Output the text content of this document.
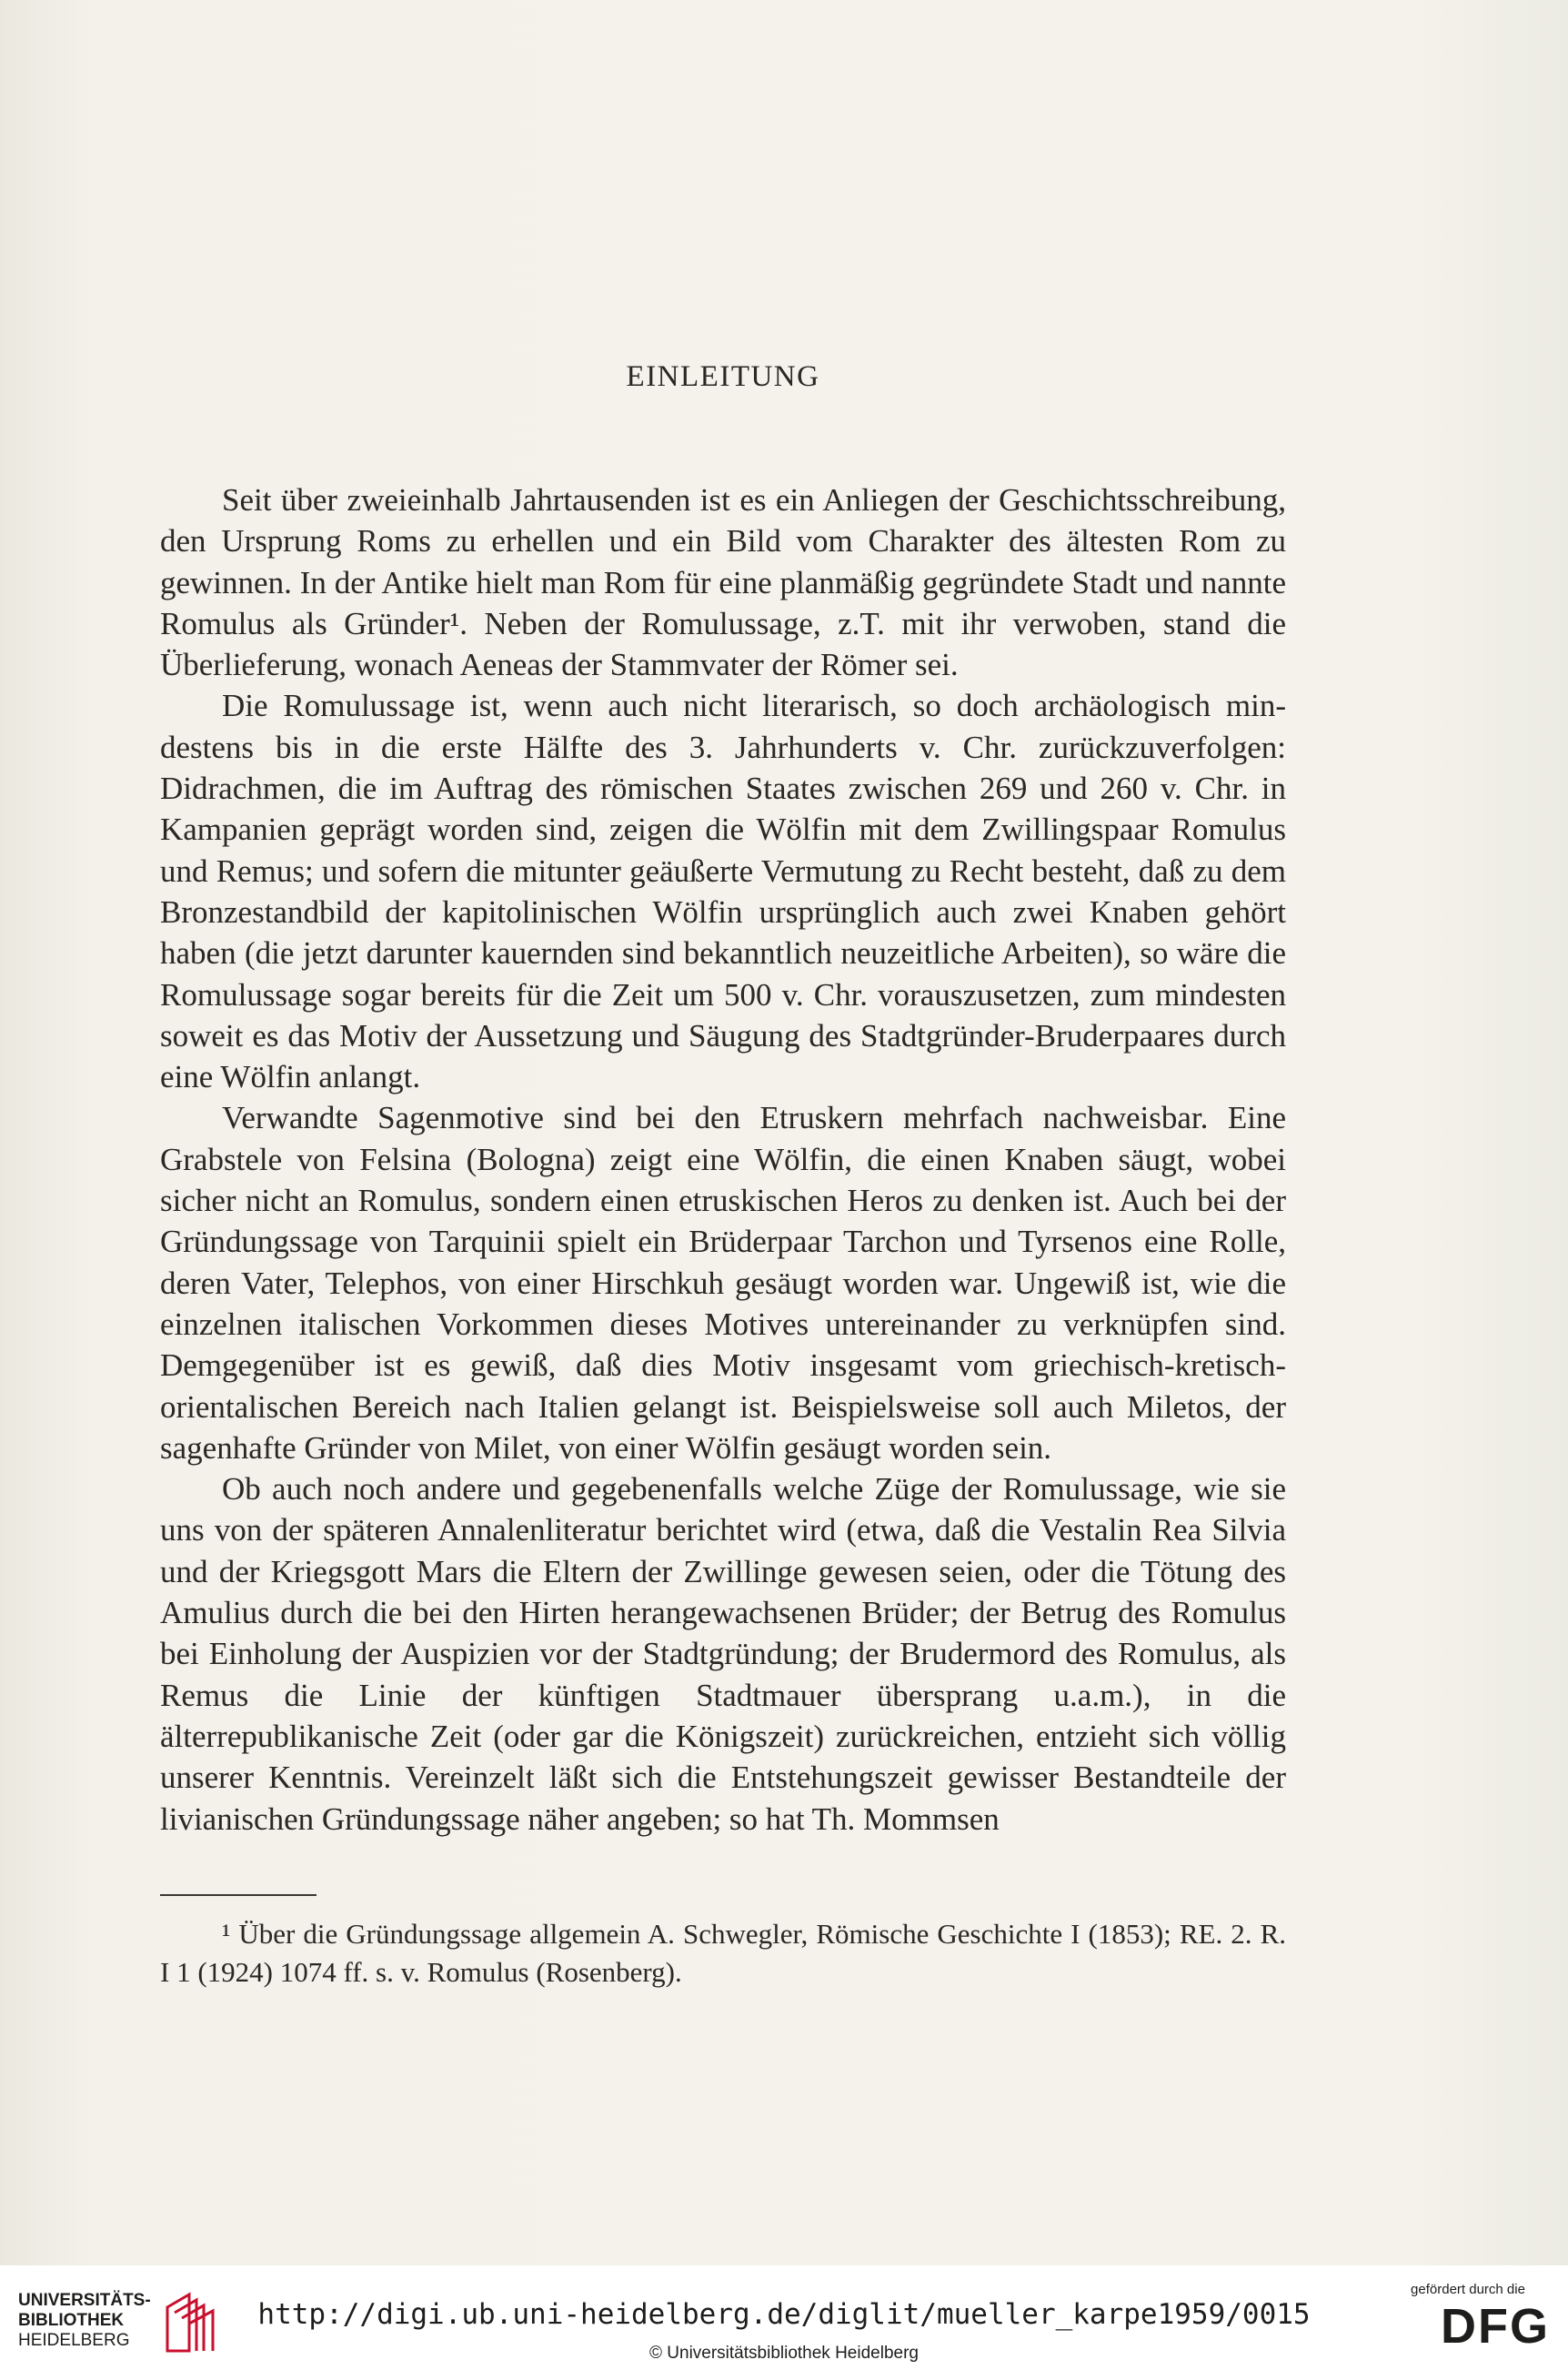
EINLEITUNG

Seit über zweieinhalb Jahrtausenden ist es ein Anliegen der Geschichtsschreibung, den Ursprung Roms zu erhellen und ein Bild vom Charakter des ältesten Rom zu gewinnen. In der Antike hielt man Rom für eine planmäßig gegründete Stadt und nannte Romulus als Gründer¹. Neben der Romulussage, z.T. mit ihr verwoben, stand die Überlieferung, wonach Aeneas der Stammvater der Römer sei.

Die Romulussage ist, wenn auch nicht literarisch, so doch archäologisch mindestens bis in die erste Hälfte des 3. Jahrhunderts v. Chr. zurückzuverfolgen: Didrachmen, die im Auftrag des römischen Staates zwischen 269 und 260 v. Chr. in Kampanien geprägt worden sind, zeigen die Wölfin mit dem Zwillingspaar Romulus und Remus; und sofern die mitunter geäußerte Vermutung zu Recht besteht, daß zu dem Bronzestandbild der kapitolinischen Wölfin ursprünglich auch zwei Knaben gehört haben (die jetzt darunter kauernden sind bekanntlich neuzeitliche Arbeiten), so wäre die Romulussage sogar bereits für die Zeit um 500 v. Chr. vorauszusetzen, zum mindesten soweit es das Motiv der Aussetzung und Säugung des Stadtgründer-Bruderpaares durch eine Wölfin anlangt.

Verwandte Sagenmotive sind bei den Etruskern mehrfach nachweisbar. Eine Grabstele von Felsina (Bologna) zeigt eine Wölfin, die einen Knaben säugt, wobei sicher nicht an Romulus, sondern einen etruskischen Heros zu denken ist. Auch bei der Gründungssage von Tarquinii spielt ein Brüderpaar Tarchon und Tyrsenos eine Rolle, deren Vater, Telephos, von einer Hirschkuh gesäugt worden war. Ungewiß ist, wie die einzelnen italischen Vorkommen dieses Motives untereinander zu verknüpfen sind. Demgegenüber ist es gewiß, daß dies Motiv insgesamt vom griechisch-kretisch-orientalischen Bereich nach Italien gelangt ist. Beispielsweise soll auch Miletos, der sagenhafte Gründer von Milet, von einer Wölfin gesäugt worden sein.

Ob auch noch andere und gegebenenfalls welche Züge der Romulussage, wie sie uns von der späteren Annalenliteratur berichtet wird (etwa, daß die Vestalin Rea Silvia und der Kriegsgott Mars die Eltern der Zwillinge gewesen seien, oder die Tötung des Amulius durch die bei den Hirten herangewachsenen Brüder; der Betrug des Romulus bei Einholung der Auspizien vor der Stadtgründung; der Brudermord des Romulus, als Remus die Linie der künftigen Stadtmauer übersprang u.a.m.), in die älterrepublikanische Zeit (oder gar die Königszeit) zurückreichen, entzieht sich völlig unserer Kenntnis. Vereinzelt läßt sich die Entstehungszeit gewisser Bestandteile der livianischen Gründungssage näher angeben; so hat Th. Mommsen

¹ Über die Gründungssage allgemein A. Schwegler, Römische Geschichte I (1853); RE. 2. R. I 1 (1924) 1074 ff. s. v. Romulus (Rosenberg).
UNIVERSITÄTS-
BIBLIOTHEK
HEIDELBERG
http://digi.ub.uni-heidelberg.de/diglit/mueller_karpe1959/0015
© Universitätsbibliothek Heidelberg
gefördert durch die
DFG
